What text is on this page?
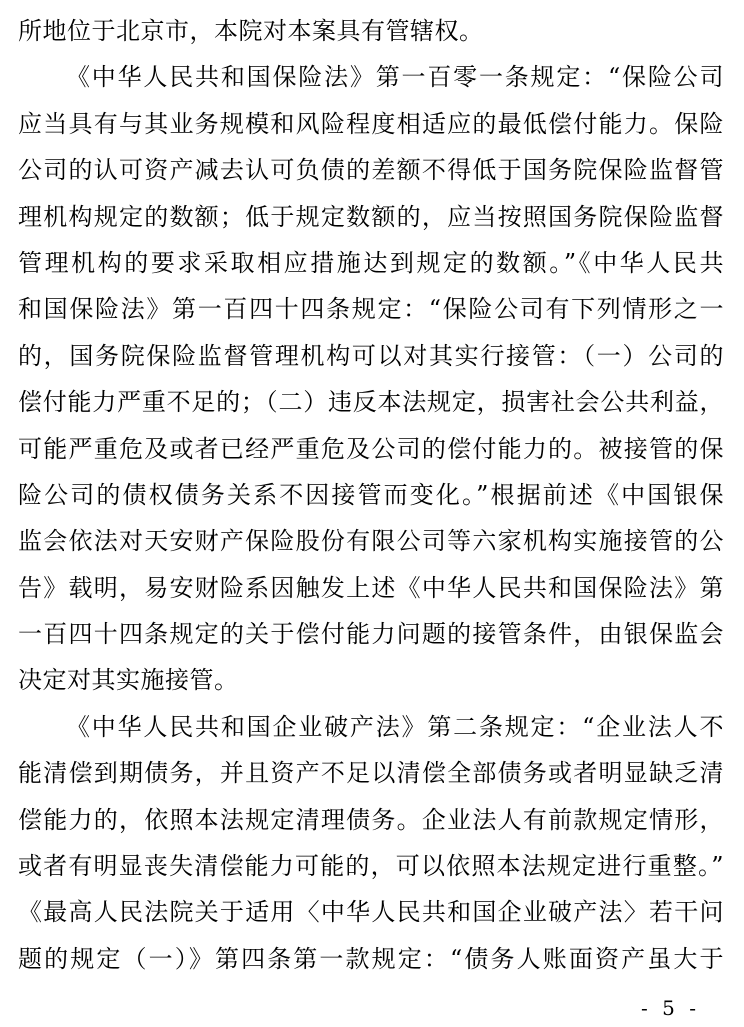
所地位于北京市，本院对本案具有管辖权。
《中华人民共和国保险法》第一百零一条规定：“保险公司
应当具有与其业务规模和风险程度相适应的最低偿付能力。保险
公司的认可资产减去认可负债的差额不得低于国务院保险监督管
理机构规定的数额；低于规定数额的，应当按照国务院保险监督
管理机构的要求采取相应措施达到规定的数额。”《中华人民共
和国保险法》第一百四十四条规定：“保险公司有下列情形之一
的，国务院保险监督管理机构可以对其实行接管：（一）公司的
偿付能力严重不足的；（二）违反本法规定，损害社会公共利益，
可能严重危及或者已经严重危及公司的偿付能力的。被接管的保
险公司的债权债务关系不因接管而变化。”根据前述《中国银保
监会依法对天安财产保险股份有限公司等六家机构实施接管的公
告》载明，易安财险系因触发上述《中华人民共和国保险法》第
一百四十四条规定的关于偿付能力问题的接管条件，由银保监会
决定对其实施接管。
《中华人民共和国企业破产法》第二条规定：“企业法人不
能清偿到期债务，并且资产不足以清偿全部债务或者明显缺乏清
偿能力的，依照本法规定清理债务。企业法人有前款规定情形，
或者有明显丧失清偿能力可能的，可以依照本法规定进行重整。”
《最高人民法院关于适用〈中华人民共和国企业破产法〉若干问
题的规定（一）》第四条第一款规定：“债务人账面资产虽大于
- 5 -
